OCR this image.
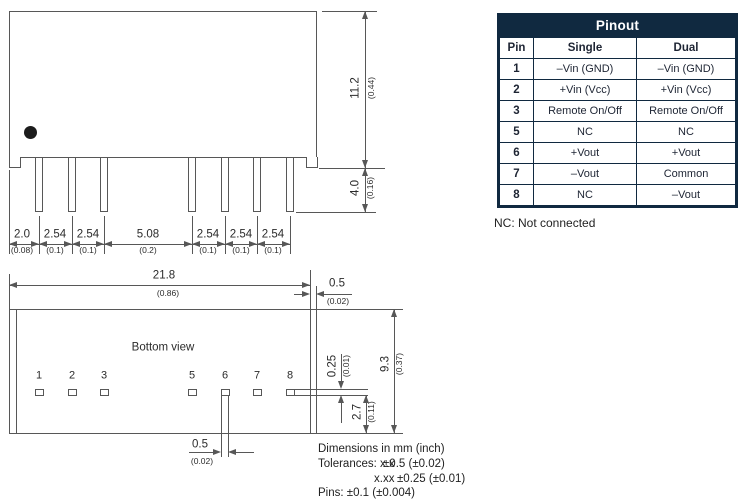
11.2 (0.44)
4.0 (0.16)
2.0 2.54 2.54	5.08	2.54 2.54 2.54
(0.08) (0.1) (0.1)	(0.2)	(0.1) (0.1) (0.1)
Bottom view
1 2 3	5 6 7 8
21.8
(0.86)
0.5
(0.02)
0.25 (0.01)
2.7 (0.11)
9.3 (0.37)
0.5
(0.02)
Pinout
Pin	Single	Dual
1	–Vin (GND)	–Vin (GND)
2	+Vin (Vcc)	+Vin (Vcc)
3	Remote On/Off	Remote On/Off
5	NC	NC
6	+Vout	+Vout
7	–Vout	Common
8	NC	–Vout
NC: Not connected
Dimensions in mm (inch)
Tolerances: x.x
±0.5 (±0.02)
x.xx ±0.25 (±0.01)
Pins: ±0.1 (±0.004)
